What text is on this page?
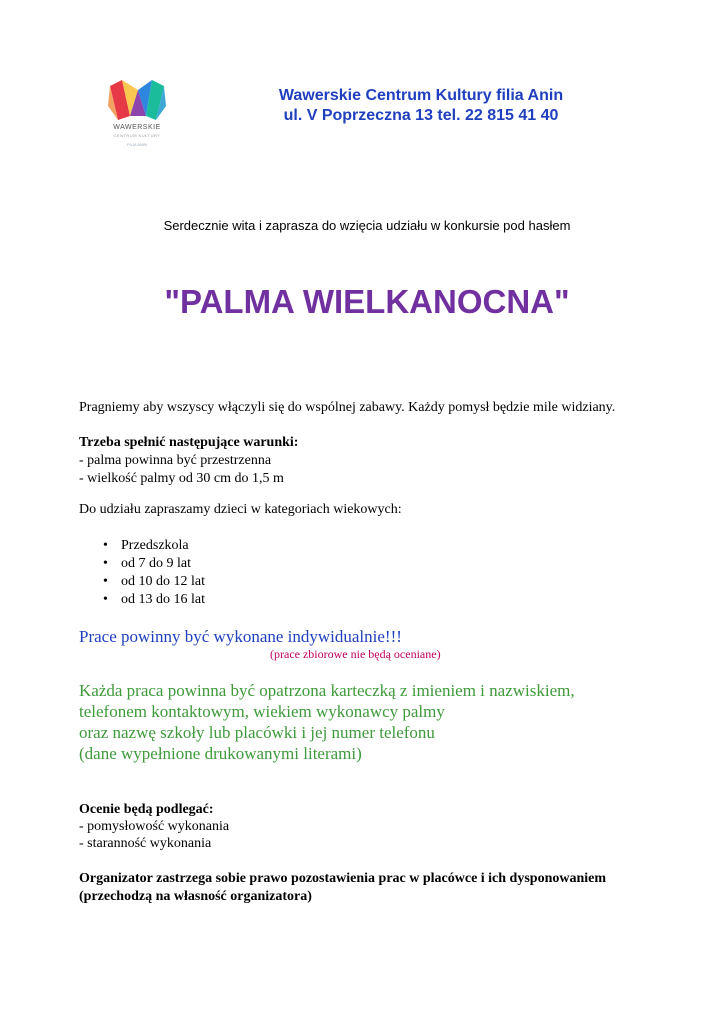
WAWERSKIE
CENTRUM KULTURY
FILIA ANIN
Wawerskie Centrum Kultury filia Anin
ul. V Poprzeczna 13 tel. 22 815 41 40
Serdecznie wita i zaprasza do wzięcia udziału w konkursie pod hasłem
"PALMA WIELKANOCNA"
Pragniemy aby wszyscy włączyli się do wspólnej zabawy. Każdy pomysł będzie mile widziany.
Trzeba spełnić następujące warunki:
- palma powinna być przestrzenna
- wielkość palmy od 30 cm do 1,5 m
Do udziału zapraszamy dzieci w kategoriach wiekowych:
• Przedszkola
• od 7 do 9 lat
• od 10 do 12 lat
• od 13 do 16 lat
Prace powinny być wykonane indywidualnie!!!
(prace zbiorowe nie będą oceniane)
Każda praca powinna być opatrzona karteczką z imieniem i nazwiskiem,
telefonem kontaktowym, wiekiem wykonawcy palmy
oraz nazwę szkoły lub placówki i jej numer telefonu
(dane wypełnione drukowanymi literami)
Ocenie będą podlegać:
- pomysłowość wykonania
- staranność wykonania
Organizator zastrzega sobie prawo pozostawienia prac w placówce i ich dysponowaniem
(przechodzą na własność organizatora)
